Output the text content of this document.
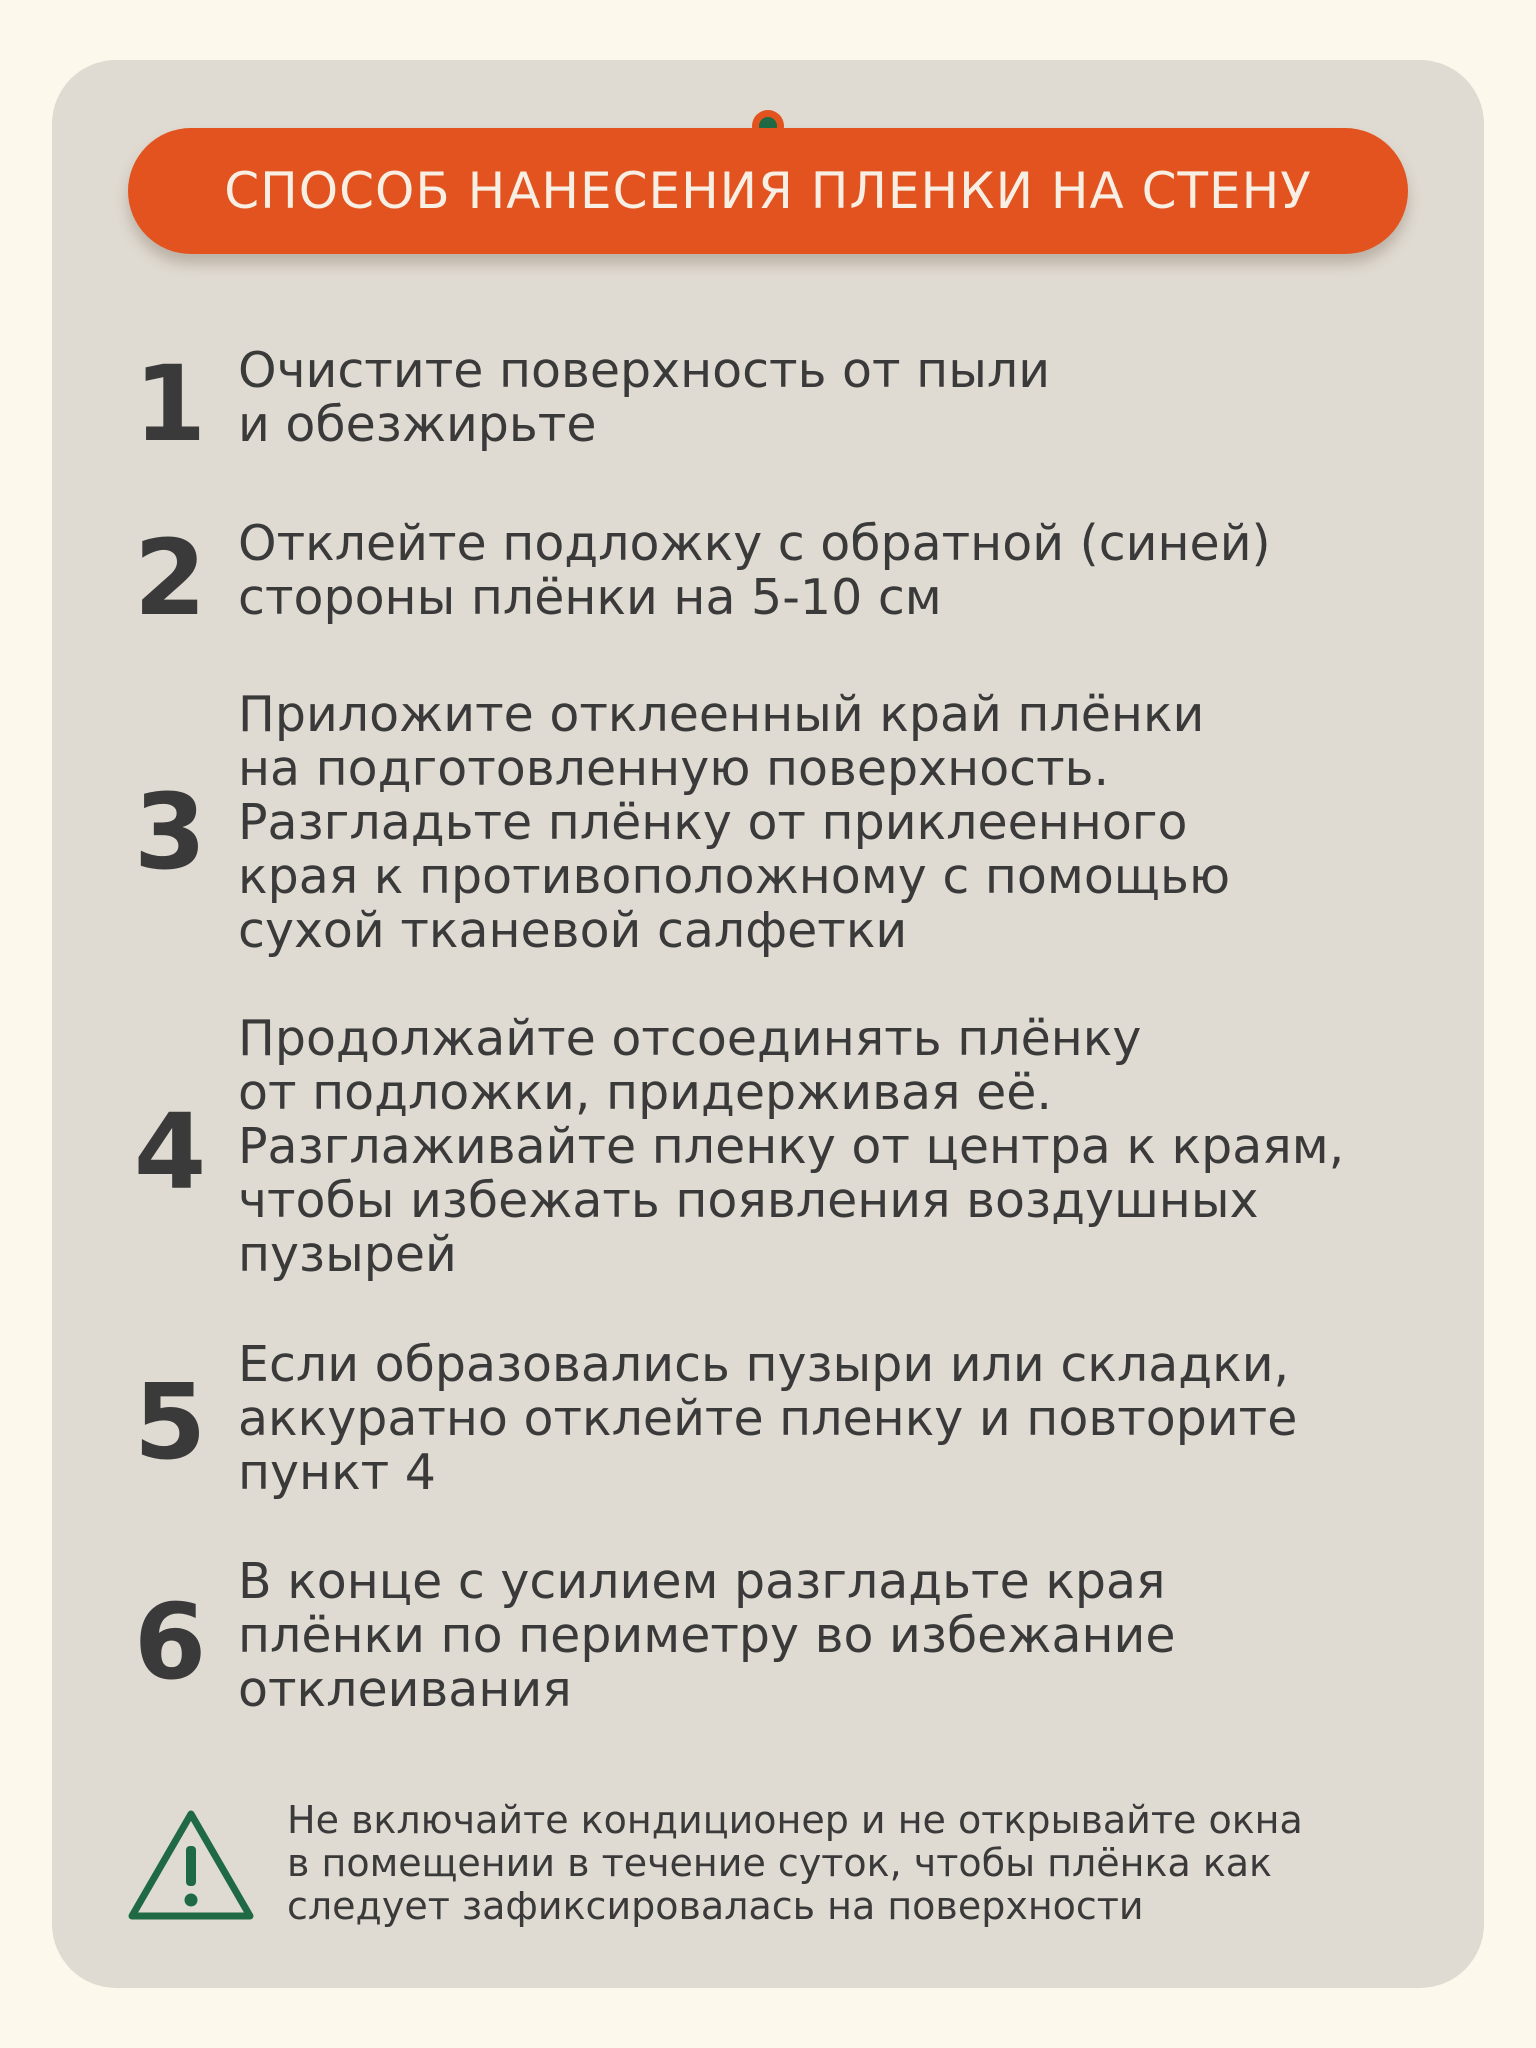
СПОСОБ НАНЕСЕНИЯ ПЛЕНКИ НА СТЕНУ
1 Очистите поверхность от пыли
и обезжирьте

2 Отклейте подложку с обратной (синей)
стороны плёнки на 5-10 см

3

Приложите отклеенный край плёнки
на подготовленную поверхность.
Разгладьте плёнку от приклеенного
края к противоположному с помощью
сухой тканевой салфетки

4

Продолжайте отсоединять плёнку
от подложки, придерживая её.
Разглаживайте пленку от центра к краям,
чтобы избежать появления воздушных
пузырей

5 Если образовались пузыри или складки,
аккуратно отклейте пленку и повторите
пункт 4

6 В конце с усилием разгладьте края
плёнки по периметру во избежание
отклеивания

Не включайте кондиционер и не открывайте окна
в помещении в течение суток, чтобы плёнка как
следует зафиксировалась на поверхности
